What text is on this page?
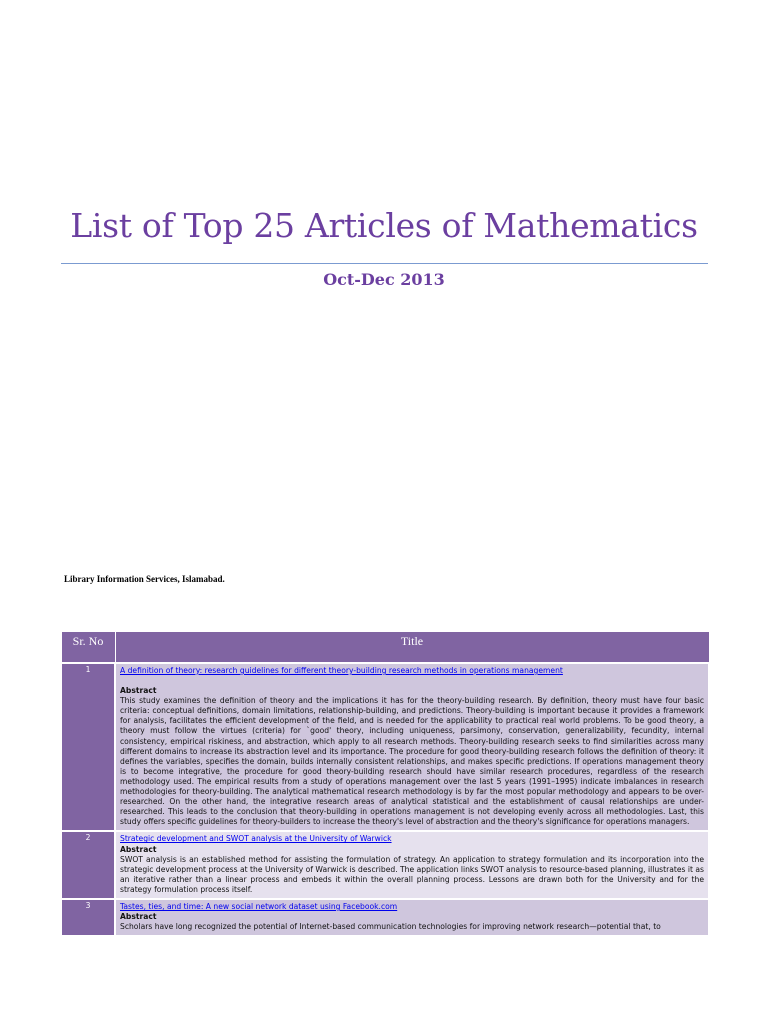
List of Top 25 Articles of Mathematics
Oct-Dec 2013
Library Information Services, Islamabad.
Sr. No	Title
1	A definition of theory: research guidelines for different theory-building research methods in operations management
Abstract
This study examines the definition of theory and the implications it has for the theory-building research. By definition, theory must have four basic criteria: conceptual definitions, domain limitations, relationship-building, and predictions. Theory-building is important because it provides a framework for analysis, facilitates the efficient development of the field, and is needed for the applicability to practical real world problems. To be good theory, a theory must follow the virtues (criteria) for `good' theory, including uniqueness, parsimony, conservation, generalizability, fecundity, internal consistency, empirical riskiness, and abstraction, which apply to all research methods. Theory-building research seeks to find similarities across many different domains to increase its abstraction level and its importance. The procedure for good theory-building research follows the definition of theory: it defines the variables, specifies the domain, builds internally consistent relationships, and makes specific predictions. If operations management theory is to become integrative, the procedure for good theory-building research should have similar research procedures, regardless of the research methodology used. The empirical results from a study of operations management over the last 5 years (1991–1995) indicate imbalances in research methodologies for theory-building. The analytical mathematical research methodology is by far the most popular methodology and appears to be over-researched. On the other hand, the integrative research areas of analytical statistical and the establishment of causal relationships are under-researched. This leads to the conclusion that theory-building in operations management is not developing evenly across all methodologies. Last, this study offers specific guidelines for theory-builders to increase the theory's level of abstraction and the theory's significance for operations managers.

2	Strategic development and SWOT analysis at the University of Warwick
Abstract
SWOT analysis is an established method for assisting the formulation of strategy. An application to strategy formulation and its incorporation into the strategic development process at the University of Warwick is described. The application links SWOT analysis to resource-based planning, illustrates it as an iterative rather than a linear process and embeds it within the overall planning process. Lessons are drawn both for the University and for the strategy formulation process itself.

3	Tastes, ties, and time: A new social network dataset using Facebook.com
Abstract
Scholars have long recognized the potential of Internet-based communication technologies for improving network research—potential that, to
